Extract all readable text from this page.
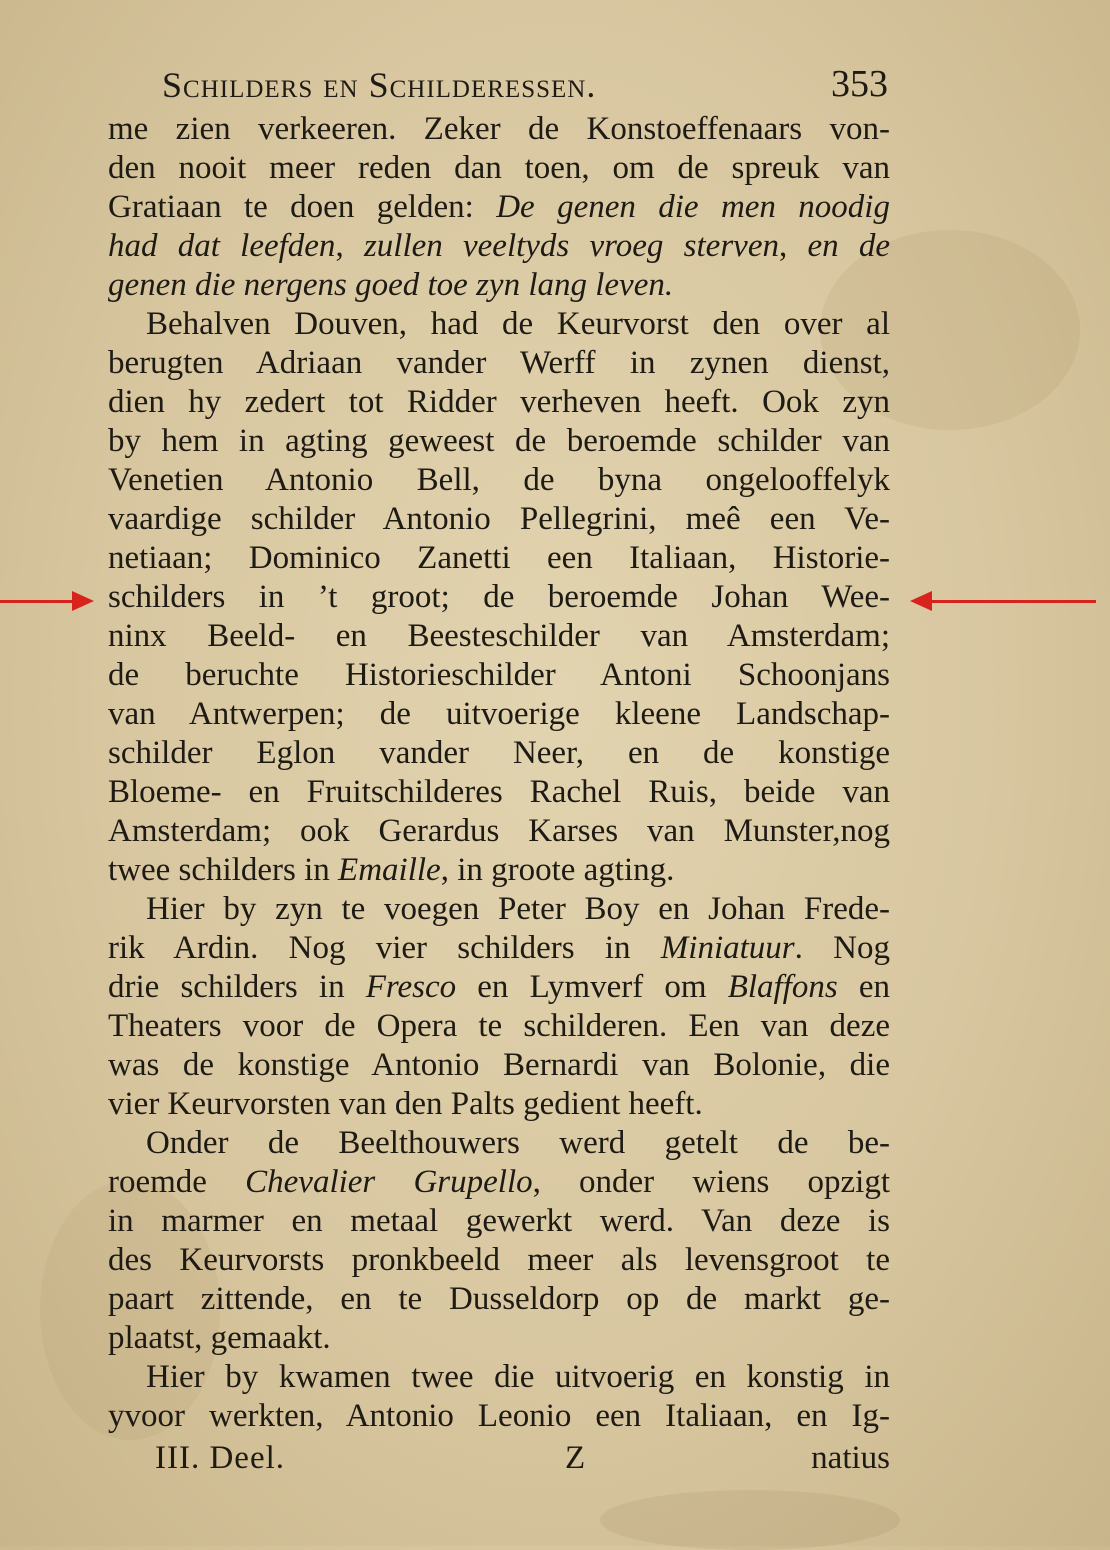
Schilders en Schilderessen.	353
me zien verkeeren. Zeker de Konstoeffenaars von-
den nooit meer reden dan toen, om de spreuk van
Gratiaan te doen gelden: De genen die men noodig
had dat leefden, zullen veeltyds vroeg sterven, en de
genen die nergens goed toe zyn lang leven.
Behalven Douven, had de Keurvorst den over al
berugten Adriaan vander Werff in zynen dienst,
dien hy zedert tot Ridder verheven heeft. Ook zyn
by hem in agting geweest de beroemde schilder van
Venetien Antonio Bell, de byna ongelooffelyk
vaardige schilder Antonio Pellegrini, meê een Ve-
netiaan; Dominico Zanetti een Italiaan, Historie-
schilders in ’t groot; de beroemde Johan Wee-
ninx Beeld- en Beestеschilder van Amsterdam;
de beruchte Historieschilder Antoni Schoonjans
van Antwerpen; de uitvoerige kleene Landschap-
schilder Eglon vander Neer, en de konstige
Bloeme- en Fruitschilderes Rachel Ruis, beide van
Amsterdam; ook Gerardus Karses van Munster,nog
twee schilders in Emaille, in groote agting.
Hier by zyn te voegen Peter Boy en Johan Frede-
rik Ardin. Nog vier schilders in Miniatuur. Nog
drie schilders in Fresco en Lymverf om Blaffons en
Theaters voor de Opera te schilderen. Een van deze
was de konstige Antonio Bernardi van Bolonie, die
vier Keurvorsten van den Palts gedient heeft.
Onder de Beelthouwers werd getelt de be-
roemde Chevalier Grupello, onder wiens opzigt
in marmer en metaal gewerkt werd. Van deze is
des Keurvorsts pronkbeeld meer als levensgroot te
paart zittende, en te Dusseldorp op de markt ge-
plaatst, gemaakt.
Hier by kwamen twee die uitvoerig en konstig in
yvoor werkten, Antonio Leonio een Italiaan, en Ig-
III. Deel.	Z	natius
